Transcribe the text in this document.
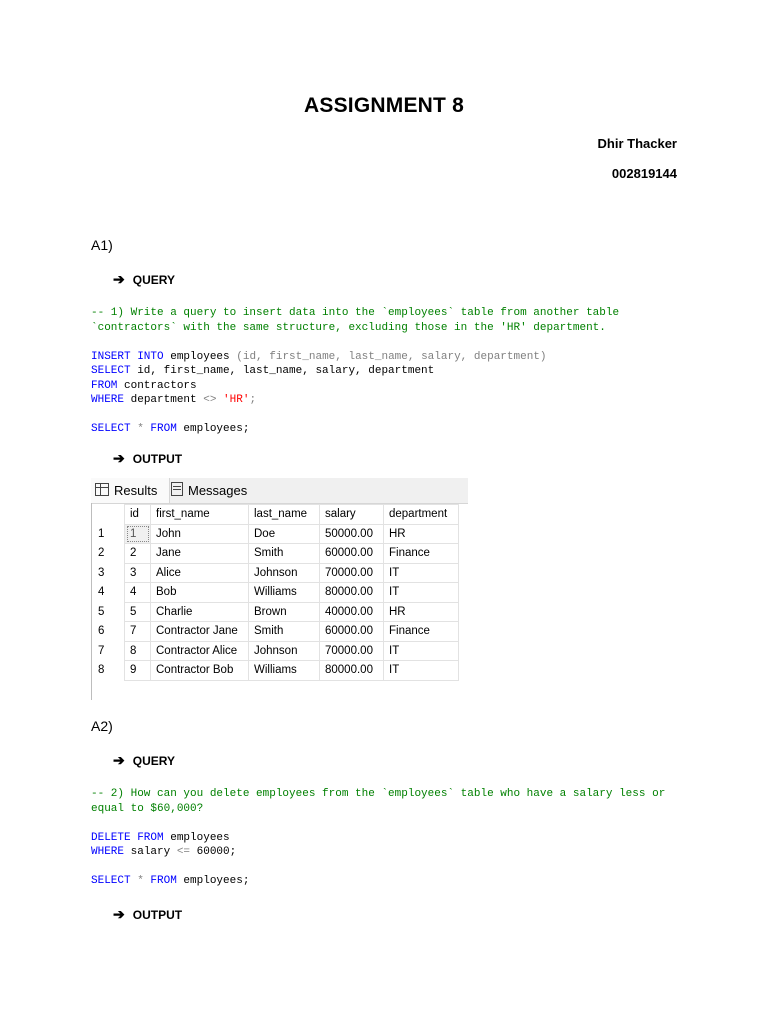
ASSIGNMENT 8
Dhir Thacker
002819144
A1)
➔ QUERY
-- 1) Write a query to insert data into the `employees` table from another table
`contractors` with the same structure, excluding those in the 'HR' department.

INSERT INTO employees (id, first_name, last_name, salary, department)
SELECT id, first_name, last_name, salary, department
FROM contractors
WHERE department <> 'HR';

SELECT * FROM employees;
➔ OUTPUT
Results	Messages
	id	first_name	last_name	salary	department
1	1	John	Doe	50000.00	HR
2	2	Jane	Smith	60000.00	Finance
3	3	Alice	Johnson	70000.00	IT
4	4	Bob	Williams	80000.00	IT
5	5	Charlie	Brown	40000.00	HR
6	7	Contractor Jane	Smith	60000.00	Finance
7	8	Contractor Alice	Johnson	70000.00	IT
8	9	Contractor Bob	Williams	80000.00	IT
A2)
➔ QUERY
-- 2) How can you delete employees from the `employees` table who have a salary less or
equal to $60,000?

DELETE FROM employees
WHERE salary <= 60000;

SELECT * FROM employees;
➔ OUTPUT
